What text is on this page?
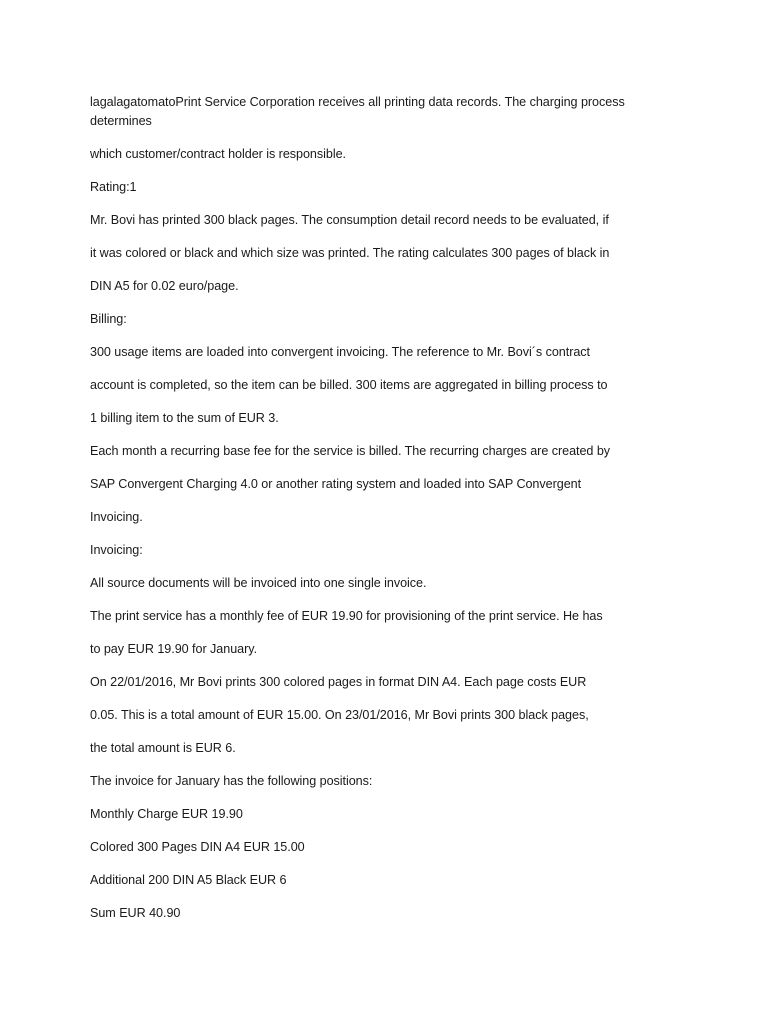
lagalagatomatoPrint Service Corporation receives all printing data records. The charging process
determines
which customer/contract holder is responsible.
Rating:1
Mr. Bovi has printed 300 black pages. The consumption detail record needs to be evaluated, if
it was colored or black and which size was printed. The rating calculates 300 pages of black in
DIN A5 for 0.02 euro/page.
Billing:
300 usage items are loaded into convergent invoicing. The reference to Mr. Bovi´s contract
account is completed, so the item can be billed. 300 items are aggregated in billing process to
1 billing item to the sum of EUR 3.
Each month a recurring base fee for the service is billed. The recurring charges are created by
SAP Convergent Charging 4.0 or another rating system and loaded into SAP Convergent
Invoicing.
Invoicing:
All source documents will be invoiced into one single invoice.
The print service has a monthly fee of EUR 19.90 for provisioning of the print service. He has
to pay EUR 19.90 for January.
On 22/01/2016, Mr Bovi prints 300 colored pages in format DIN A4. Each page costs EUR
0.05. This is a total amount of EUR 15.00. On 23/01/2016, Mr Bovi prints 300 black pages,
the total amount is EUR 6.
The invoice for January has the following positions:
Monthly Charge EUR 19.90
Colored 300 Pages DIN A4 EUR 15.00
Additional 200 DIN A5 Black EUR 6
Sum EUR 40.90
